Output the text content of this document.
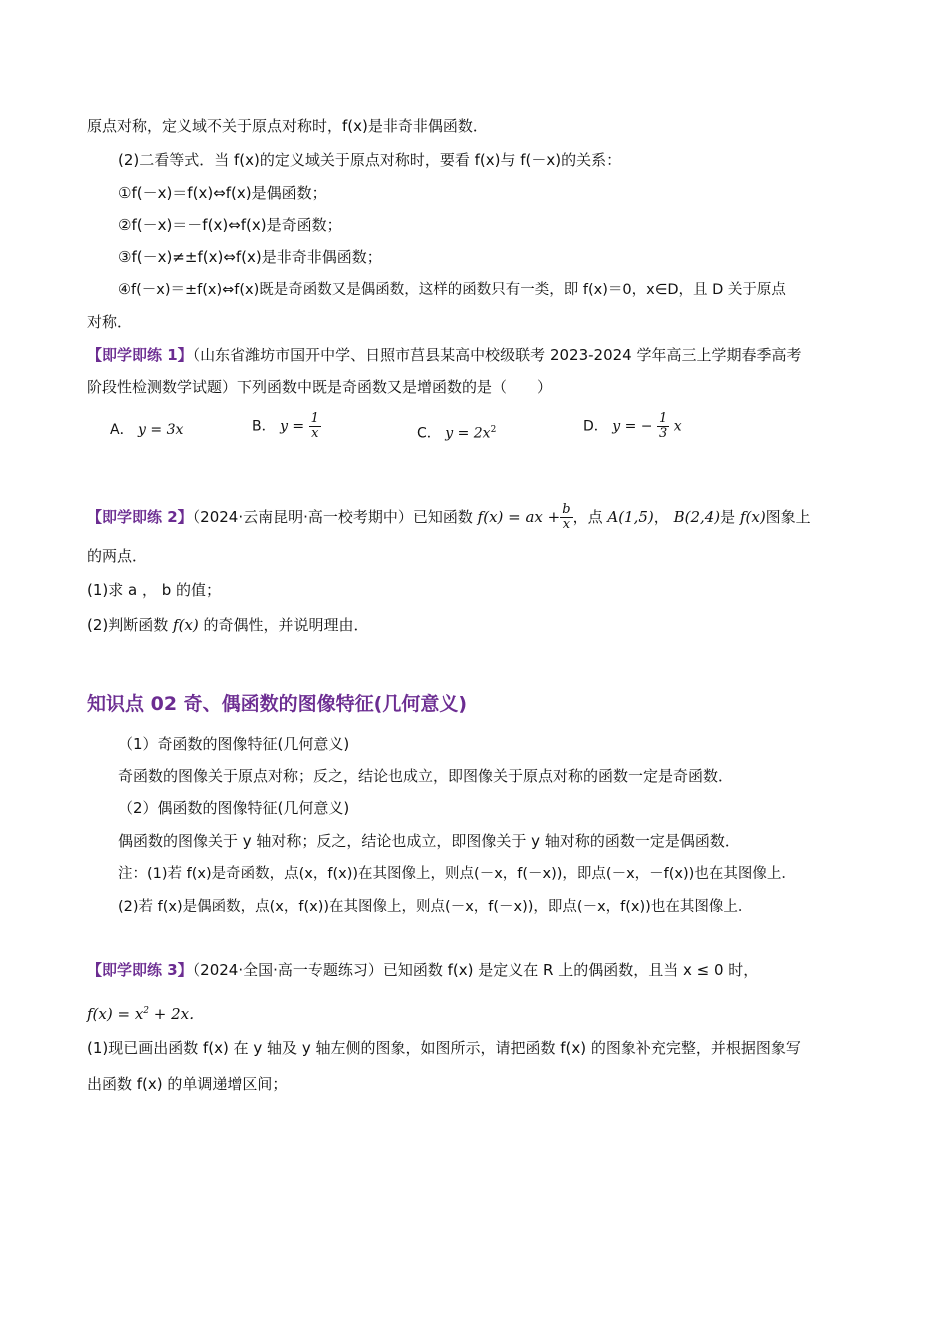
原点对称，定义域不关于原点对称时，f(x)是非奇非偶函数．
(2)二看等式．当 f(x)的定义域关于原点对称时，要看 f(x)与 f(－x)的关系：
①f(－x)＝f(x)⇔f(x)是偶函数；
②f(－x)＝－f(x)⇔f(x)是奇函数；
③f(－x)≠±f(x)⇔f(x)是非奇非偶函数；
④f(－x)＝±f(x)⇔f(x)既是奇函数又是偶函数，这样的函数只有一类，即 f(x)＝0，x∈D，且 D 关于原点
对称．
【即学即练 1】（山东省潍坊市国开中学、日照市莒县某高中校级联考 2023-2024 学年高三上学期春季高考
阶段性检测数学试题）下列函数中既是奇函数又是增函数的是（　　）
A． y = 3x	B． $y = \frac{1}{x}$	C． $y = 2x^2$	D． y = − $\frac{1}{3}$ x
【即学即练 2】（2024·云南昆明·高一校考期中）已知函数 f(x) = ax + $\frac{b}{x}$ ，点 A(1,5)， B(2,4)是 f(x)图象上
的两点．
(1)求 a ， b 的值；
(2)判断函数 f(x) 的奇偶性，并说明理由．
知识点 02 奇、偶函数的图像特征(几何意义)
（1）奇函数的图像特征(几何意义)
奇函数的图像关于原点对称；反之，结论也成立，即图像关于原点对称的函数一定是奇函数．
（2）偶函数的图像特征(几何意义)
偶函数的图像关于 y 轴对称；反之，结论也成立，即图像关于 y 轴对称的函数一定是偶函数．
注：(1)若 f(x)是奇函数，点(x，f(x))在其图像上，则点(－x，f(－x))，即点(－x，－f(x))也在其图像上．
(2)若 f(x)是偶函数，点(x，f(x))在其图像上，则点(－x，f(－x))，即点(－x，f(x))也在其图像上．
【即学即练 3】（2024·全国·高一专题练习）已知函数 f(x) 是定义在 R 上的偶函数，且当 x ≤ 0 时，
$f(x) = x^2 + 2x$．
(1)现已画出函数 f(x) 在 y 轴及 y 轴左侧的图象，如图所示，请把函数 f(x) 的图象补充完整，并根据图象写
出函数 f(x) 的单调递增区间；
